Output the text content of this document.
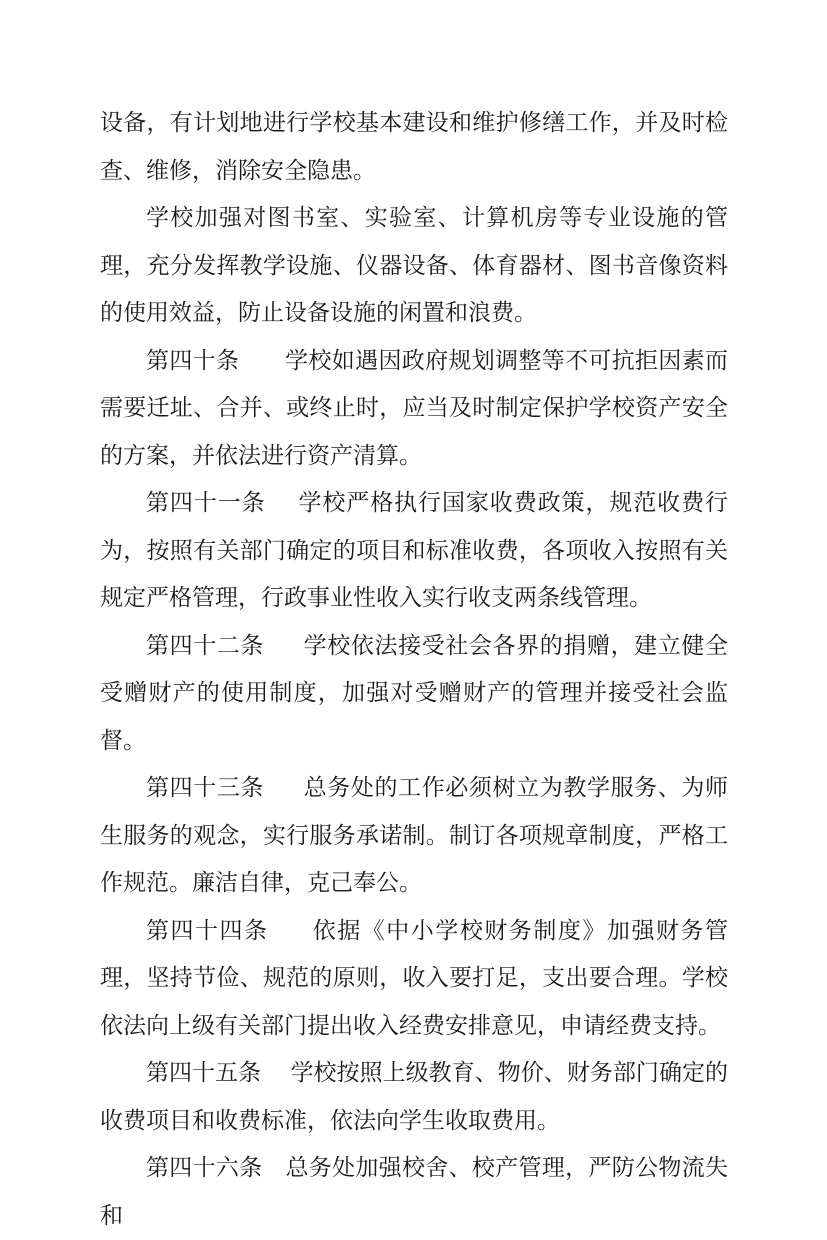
设备，有计划地进行学校基本建设和维护修缮工作，并及时检查、维修，消除安全隐患。

学校加强对图书室、实验室、计算机房等专业设施的管理，充分发挥教学设施、仪器设备、体育器材、图书音像资料的使用效益，防止设备设施的闲置和浪费。

第四十条 学校如遇因政府规划调整等不可抗拒因素而需要迁址、合并、或终止时，应当及时制定保护学校资产安全的方案，并依法进行资产清算。

第四十一条 学校严格执行国家收费政策，规范收费行为，按照有关部门确定的项目和标准收费，各项收入按照有关规定严格管理，行政事业性收入实行收支两条线管理。

第四十二条 学校依法接受社会各界的捐赠，建立健全受赠财产的使用制度，加强对受赠财产的管理并接受社会监督。

第四十三条 总务处的工作必须树立为教学服务、为师生服务的观念，实行服务承诺制。制订各项规章制度，严格工作规范。廉洁自律，克己奉公。

第四十四条 依据《中小学校财务制度》加强财务管理，坚持节俭、规范的原则，收入要打足，支出要合理。学校依法向上级有关部门提出收入经费安排意见，申请经费支持。

第四十五条 学校按照上级教育、物价、财务部门确定的收费项目和收费标准，依法向学生收取费用。

第四十六条 总务处加强校舍、校产管理，严防公物流失和
